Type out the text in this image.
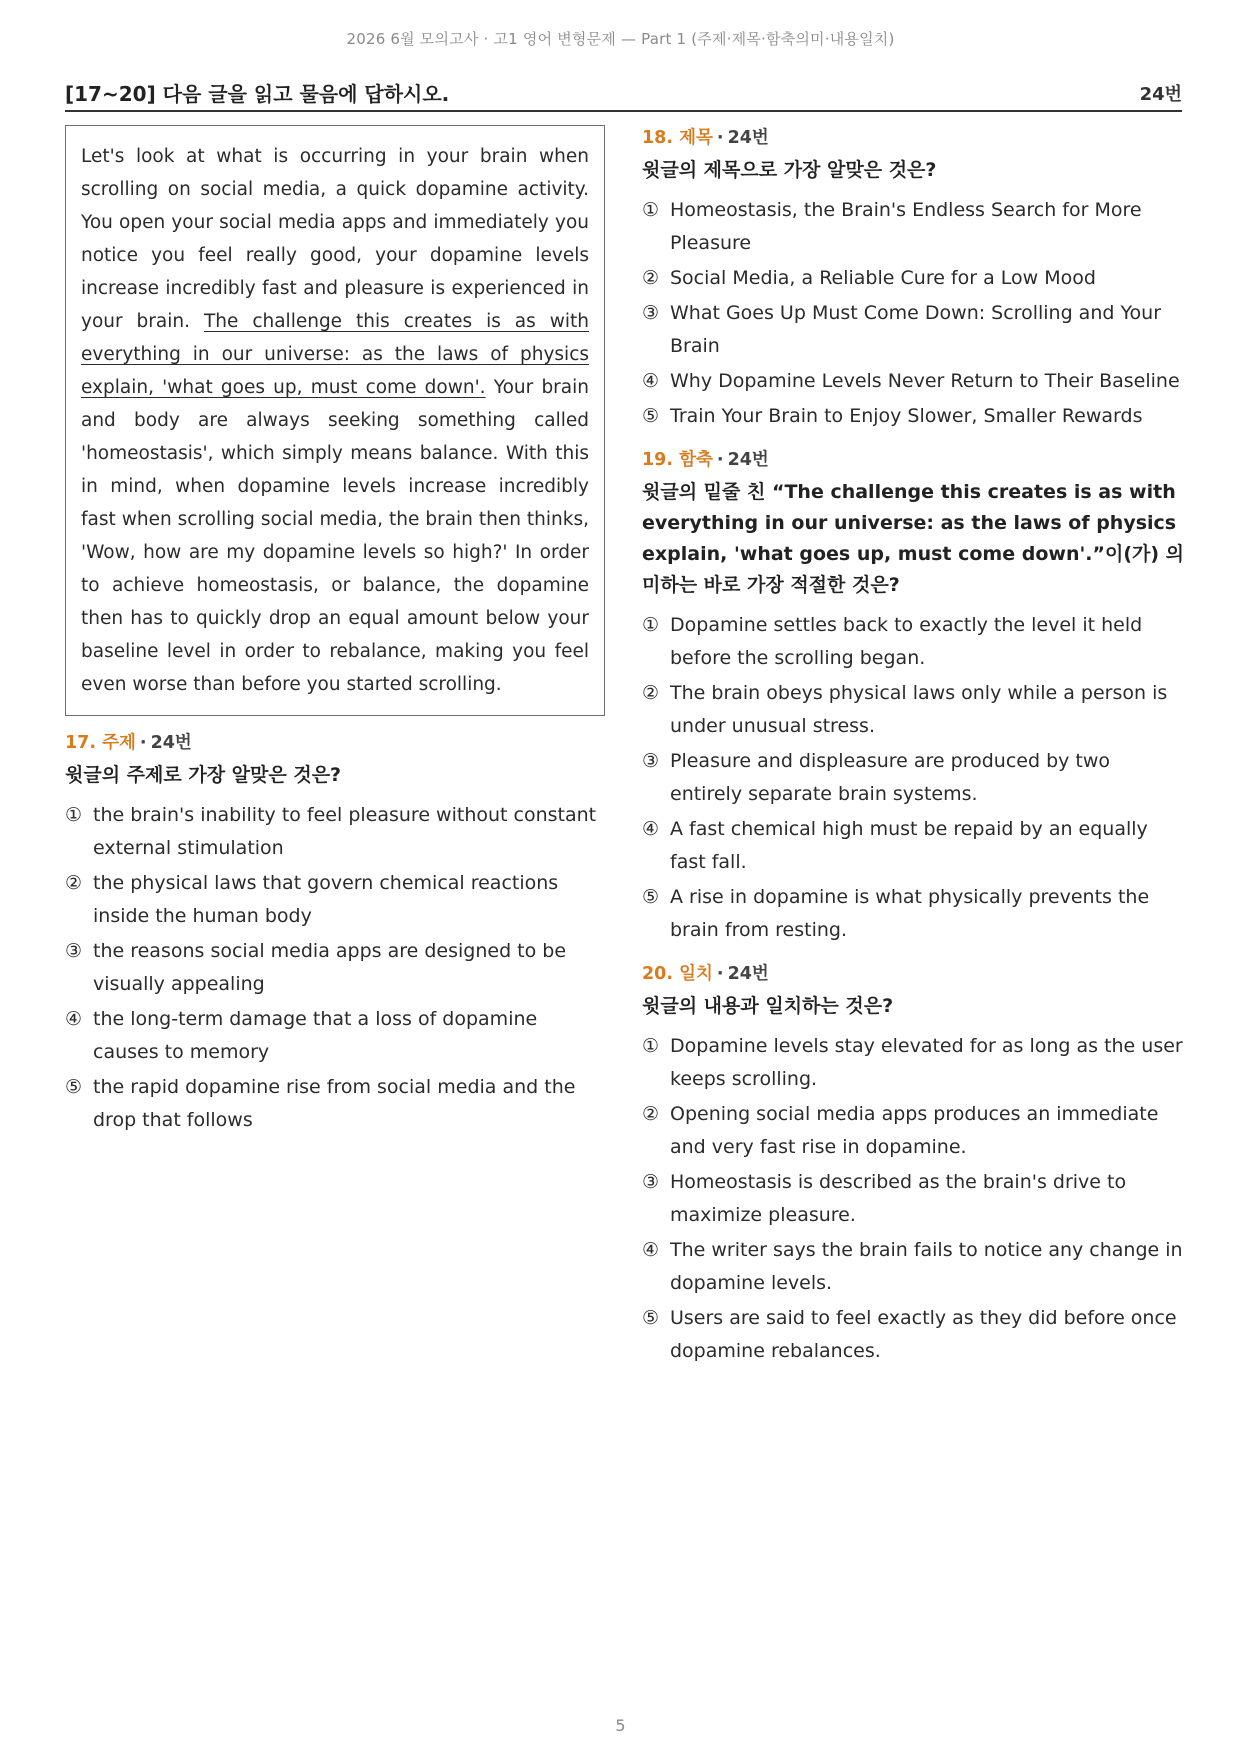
2026 6월 모의고사 · 고1 영어 변형문제 — Part 1 (주제·제목·함축의미·내용일치)
[17~20] 다음 글을 읽고 물음에 답하시오.	24번
Let's look at what is occurring in your brain when scrolling on social media, a quick dopamine activity. You open your social media apps and immediately you notice you feel really good, your dopamine levels increase incredibly fast and pleasure is experienced in your brain. The challenge this creates is as with everything in our universe: as the laws of physics explain, 'what goes up, must come down'. Your brain and body are always seeking something called 'homeostasis', which simply means balance. With this in mind, when dopamine levels increase incredibly fast when scrolling social media, the brain then thinks, 'Wow, how are my dopamine levels so high?' In order to achieve homeostasis, or balance, the dopamine then has to quickly drop an equal amount below your baseline level in order to rebalance, making you feel even worse than before you started scrolling.
17. 주제 · 24번
윗글의 주제로 가장 알맞은 것은?
① the brain's inability to feel pleasure without constant external stimulation
② the physical laws that govern chemical reactions inside the human body
③ the reasons social media apps are designed to be visually appealing
④ the long-term damage that a loss of dopamine causes to memory
⑤ the rapid dopamine rise from social media and the drop that follows
18. 제목 · 24번
윗글의 제목으로 가장 알맞은 것은?
① Homeostasis, the Brain's Endless Search for More Pleasure
② Social Media, a Reliable Cure for a Low Mood
③ What Goes Up Must Come Down: Scrolling and Your Brain
④ Why Dopamine Levels Never Return to Their Baseline
⑤ Train Your Brain to Enjoy Slower, Smaller Rewards
19. 함축 · 24번
윗글의 밑줄 친 “The challenge this creates is as with everything in our universe: as the laws of physics explain, 'what goes up, must come down'.”이(가) 의미하는 바로 가장 적절한 것은?
① Dopamine settles back to exactly the level it held before the scrolling began.
② The brain obeys physical laws only while a person is under unusual stress.
③ Pleasure and displeasure are produced by two entirely separate brain systems.
④ A fast chemical high must be repaid by an equally fast fall.
⑤ A rise in dopamine is what physically prevents the brain from resting.
20. 일치 · 24번
윗글의 내용과 일치하는 것은?
① Dopamine levels stay elevated for as long as the user keeps scrolling.
② Opening social media apps produces an immediate and very fast rise in dopamine.
③ Homeostasis is described as the brain's drive to maximize pleasure.
④ The writer says the brain fails to notice any change in dopamine levels.
⑤ Users are said to feel exactly as they did before once dopamine rebalances.
5
